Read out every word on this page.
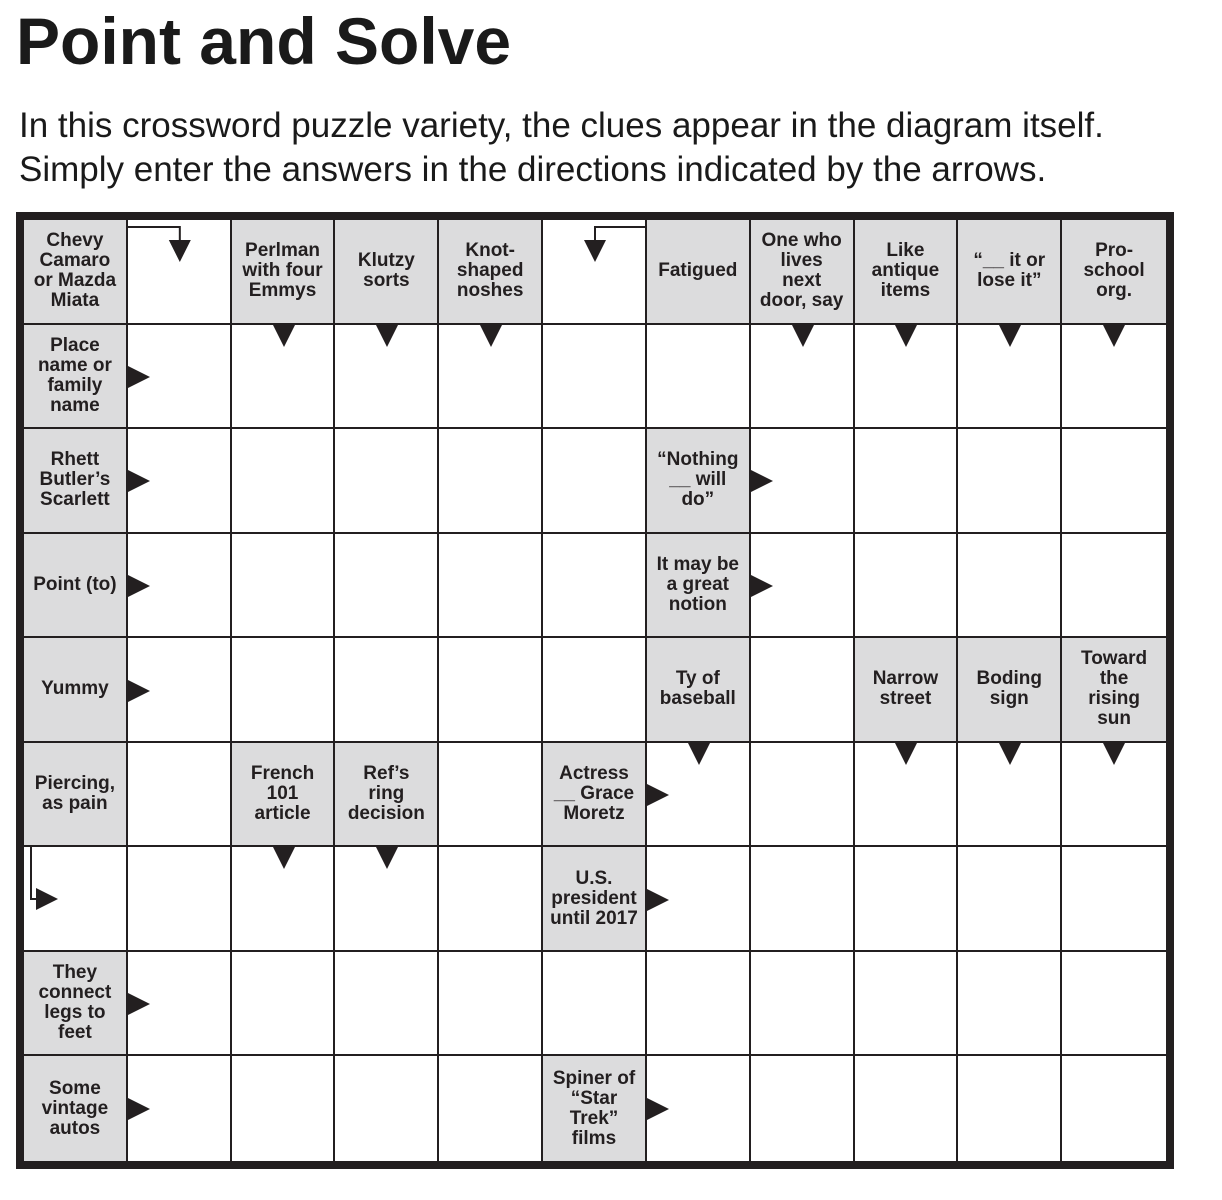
Point and Solve
In this crossword puzzle variety, the clues appear in the diagram itself.
Simply enter the answers in the directions indicated by the arrows.
Chevy
Camaro
or Mazda
Miata
Perlman
with four
Emmys
Klutzy
sorts
Knot-
shaped
noshes
Fatigued
One who
lives
next
door, say
Like
antique
items
“__ it or
lose it”
Pro-
school
org.
Place
name or
family
name
Rhett
Butler’s
Scarlett
“Nothing
__ will
do”
Point (to)
It may be
a great
notion
Yummy	Ty of
baseball
Narrow
street
Boding
sign
Toward
the
rising
sun
Piercing,
as pain
French
101
article
Ref’s
ring
decision
Actress
__ Grace
Moretz
U.S.
president
until 2017
They
connect
legs to
feet
Some
vintage
autos
Spiner of
“Star
Trek”
films
